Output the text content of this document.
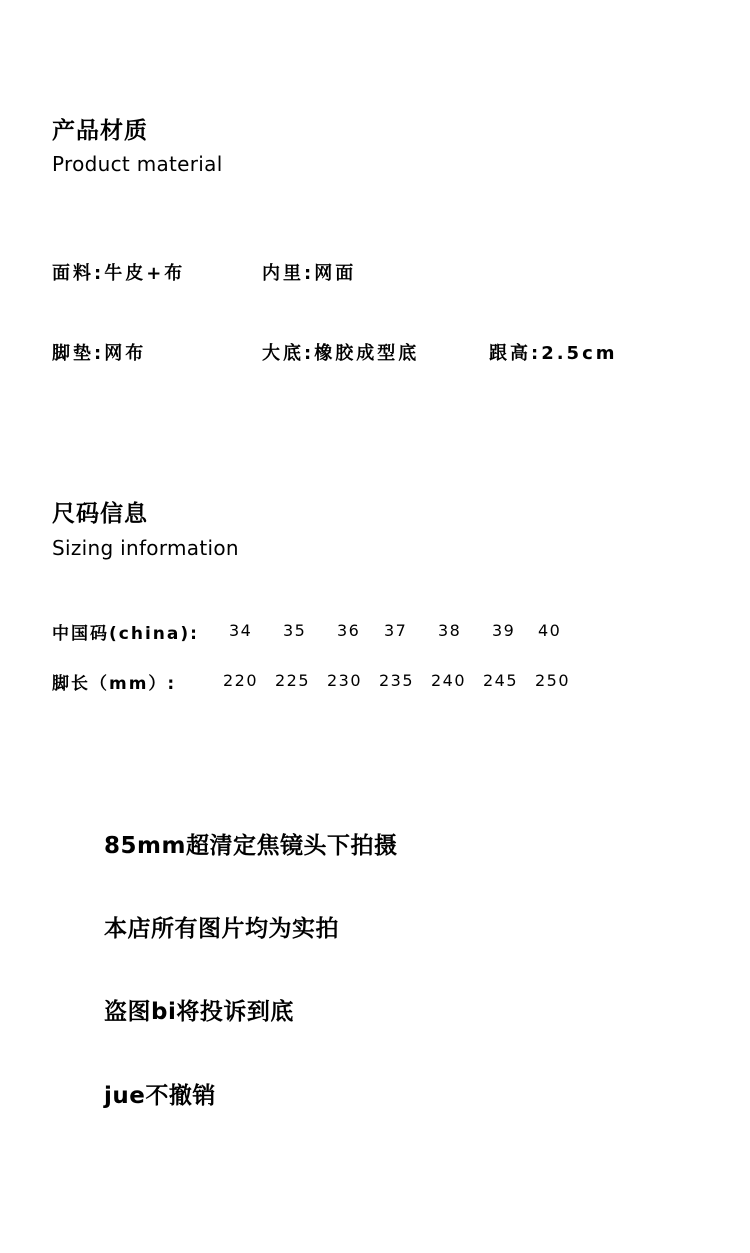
产品材质
Product material
面料:牛皮+布	内里:网面
脚垫:网布	大底:橡胶成型底	跟高:2.5cm
尺码信息
Sizing information
中国码(china): 34 35 36 37 38 39 40
脚长（mm）:	220 225 230 235 240 245 250
85mm超清定焦镜头下拍摄
本店所有图片均为实拍
盗图bi将投诉到底
jue不撤销
